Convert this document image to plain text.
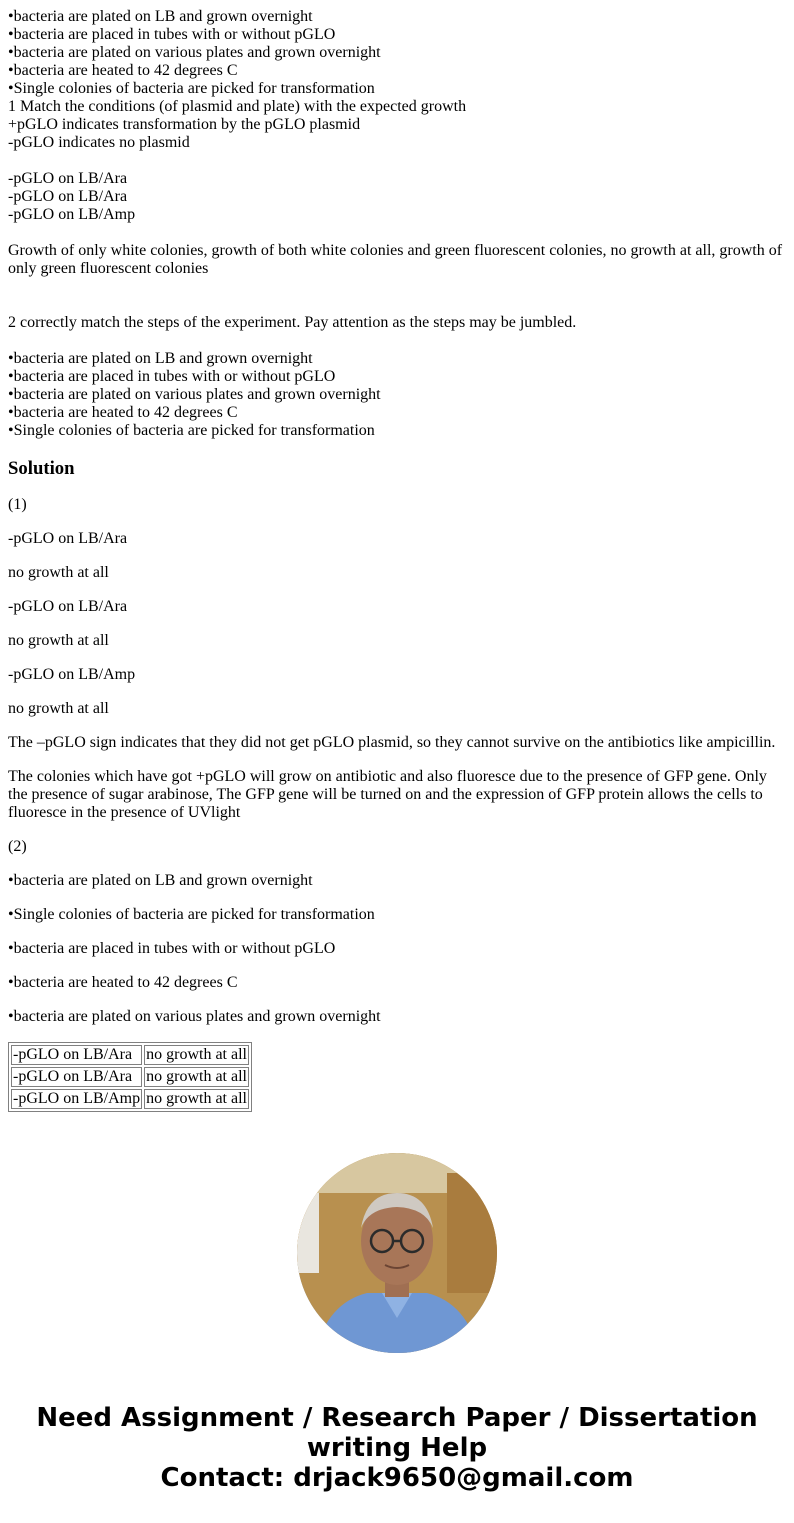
•bacteria are plated on LB and grown overnight
•bacteria are placed in tubes with or without pGLO
•bacteria are plated on various plates and grown overnight
•bacteria are heated to 42 degrees C
•Single colonies of bacteria are picked for transformation
1 Match the conditions (of plasmid and plate) with the expected growth
+pGLO indicates transformation by the pGLO plasmid
-pGLO indicates no plasmid
-pGLO on LB/Ara
-pGLO on LB/Ara
-pGLO on LB/Amp
Growth of only white colonies, growth of both white colonies and green fluorescent colonies, no growth at all, growth of only green fluorescent colonies
2 correctly match the steps of the experiment. Pay attention as the steps may be jumbled.
•bacteria are plated on LB and grown overnight
•bacteria are placed in tubes with or without pGLO
•bacteria are plated on various plates and grown overnight
•bacteria are heated to 42 degrees C
•Single colonies of bacteria are picked for transformation
Solution

(1)

-pGLO on LB/Ara

no growth at all

-pGLO on LB/Ara

no growth at all

-pGLO on LB/Amp

no growth at all

The –pGLO sign indicates that they did not get pGLO plasmid, so they cannot survive on the antibiotics like ampicillin.

The colonies which have got +pGLO will grow on antibiotic and also fluoresce due to the presence of GFP gene. Only the presence of sugar arabinose, The GFP gene will be turned on and the expression of GFP protein allows the cells to fluoresce in the presence of UVlight

(2)

•bacteria are plated on LB and grown overnight

•Single colonies of bacteria are picked for transformation

•bacteria are placed in tubes with or without pGLO

•bacteria are heated to 42 degrees C

•bacteria are plated on various plates and grown overnight

-pGLO on LB/Ara	no growth at all
-pGLO on LB/Ara	no growth at all
-pGLO on LB/Amp	no growth at all
Need Assignment / Research Paper / Dissertation
writing Help
Contact: drjack9650@gmail.com
